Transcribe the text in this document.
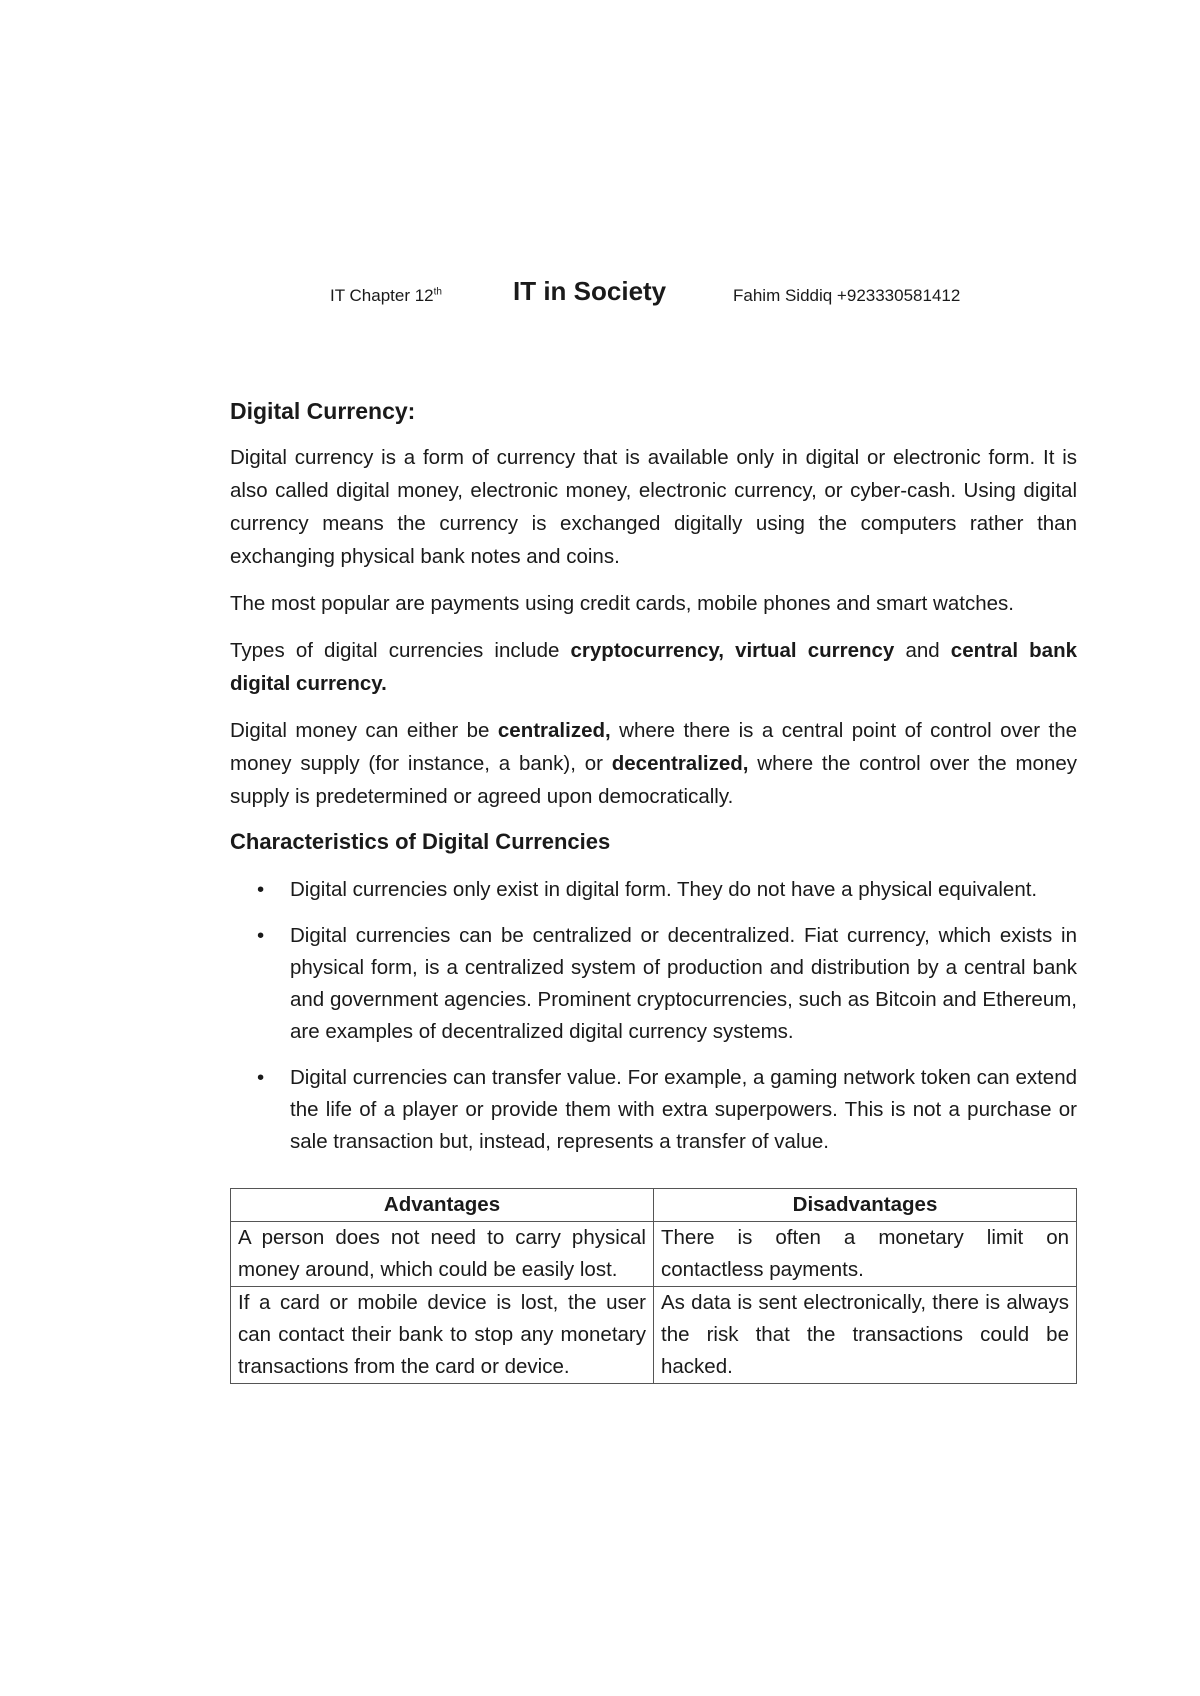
IT Chapter 12th	IT in Society	Fahim Siddiq +923330581412
Digital Currency:

Digital currency is a form of currency that is available only in digital or electronic form. It is also called digital money, electronic money, electronic currency, or cyber-cash. Using digital currency means the currency is exchanged digitally using the computers rather than exchanging physical bank notes and coins.

The most popular are payments using credit cards, mobile phones and smart watches.

Types of digital currencies include cryptocurrency, virtual currency and central bank digital currency.

Digital money can either be centralized, where there is a central point of control over the money supply (for instance, a bank), or decentralized, where the control over the money supply is predetermined or agreed upon democratically.

Characteristics of Digital Currencies
• Digital currencies only exist in digital form. They do not have a physical equivalent.
• Digital currencies can be centralized or decentralized. Fiat currency, which exists in physical form, is a centralized system of production and distribution by a central bank and government agencies. Prominent cryptocurrencies, such as Bitcoin and Ethereum, are examples of decentralized digital currency systems.
• Digital currencies can transfer value. For example, a gaming network token can extend the life of a player or provide them with extra superpowers. This is not a purchase or sale transaction but, instead, represents a transfer of value.
Advantages	Disadvantages
A person does not need to carry physical money around, which could be easily lost.	There is often a monetary limit on contactless payments.
If a card or mobile device is lost, the user can contact their bank to stop any monetary transactions from the card or device.	As data is sent electronically, there is always the risk that the transactions could be hacked.
